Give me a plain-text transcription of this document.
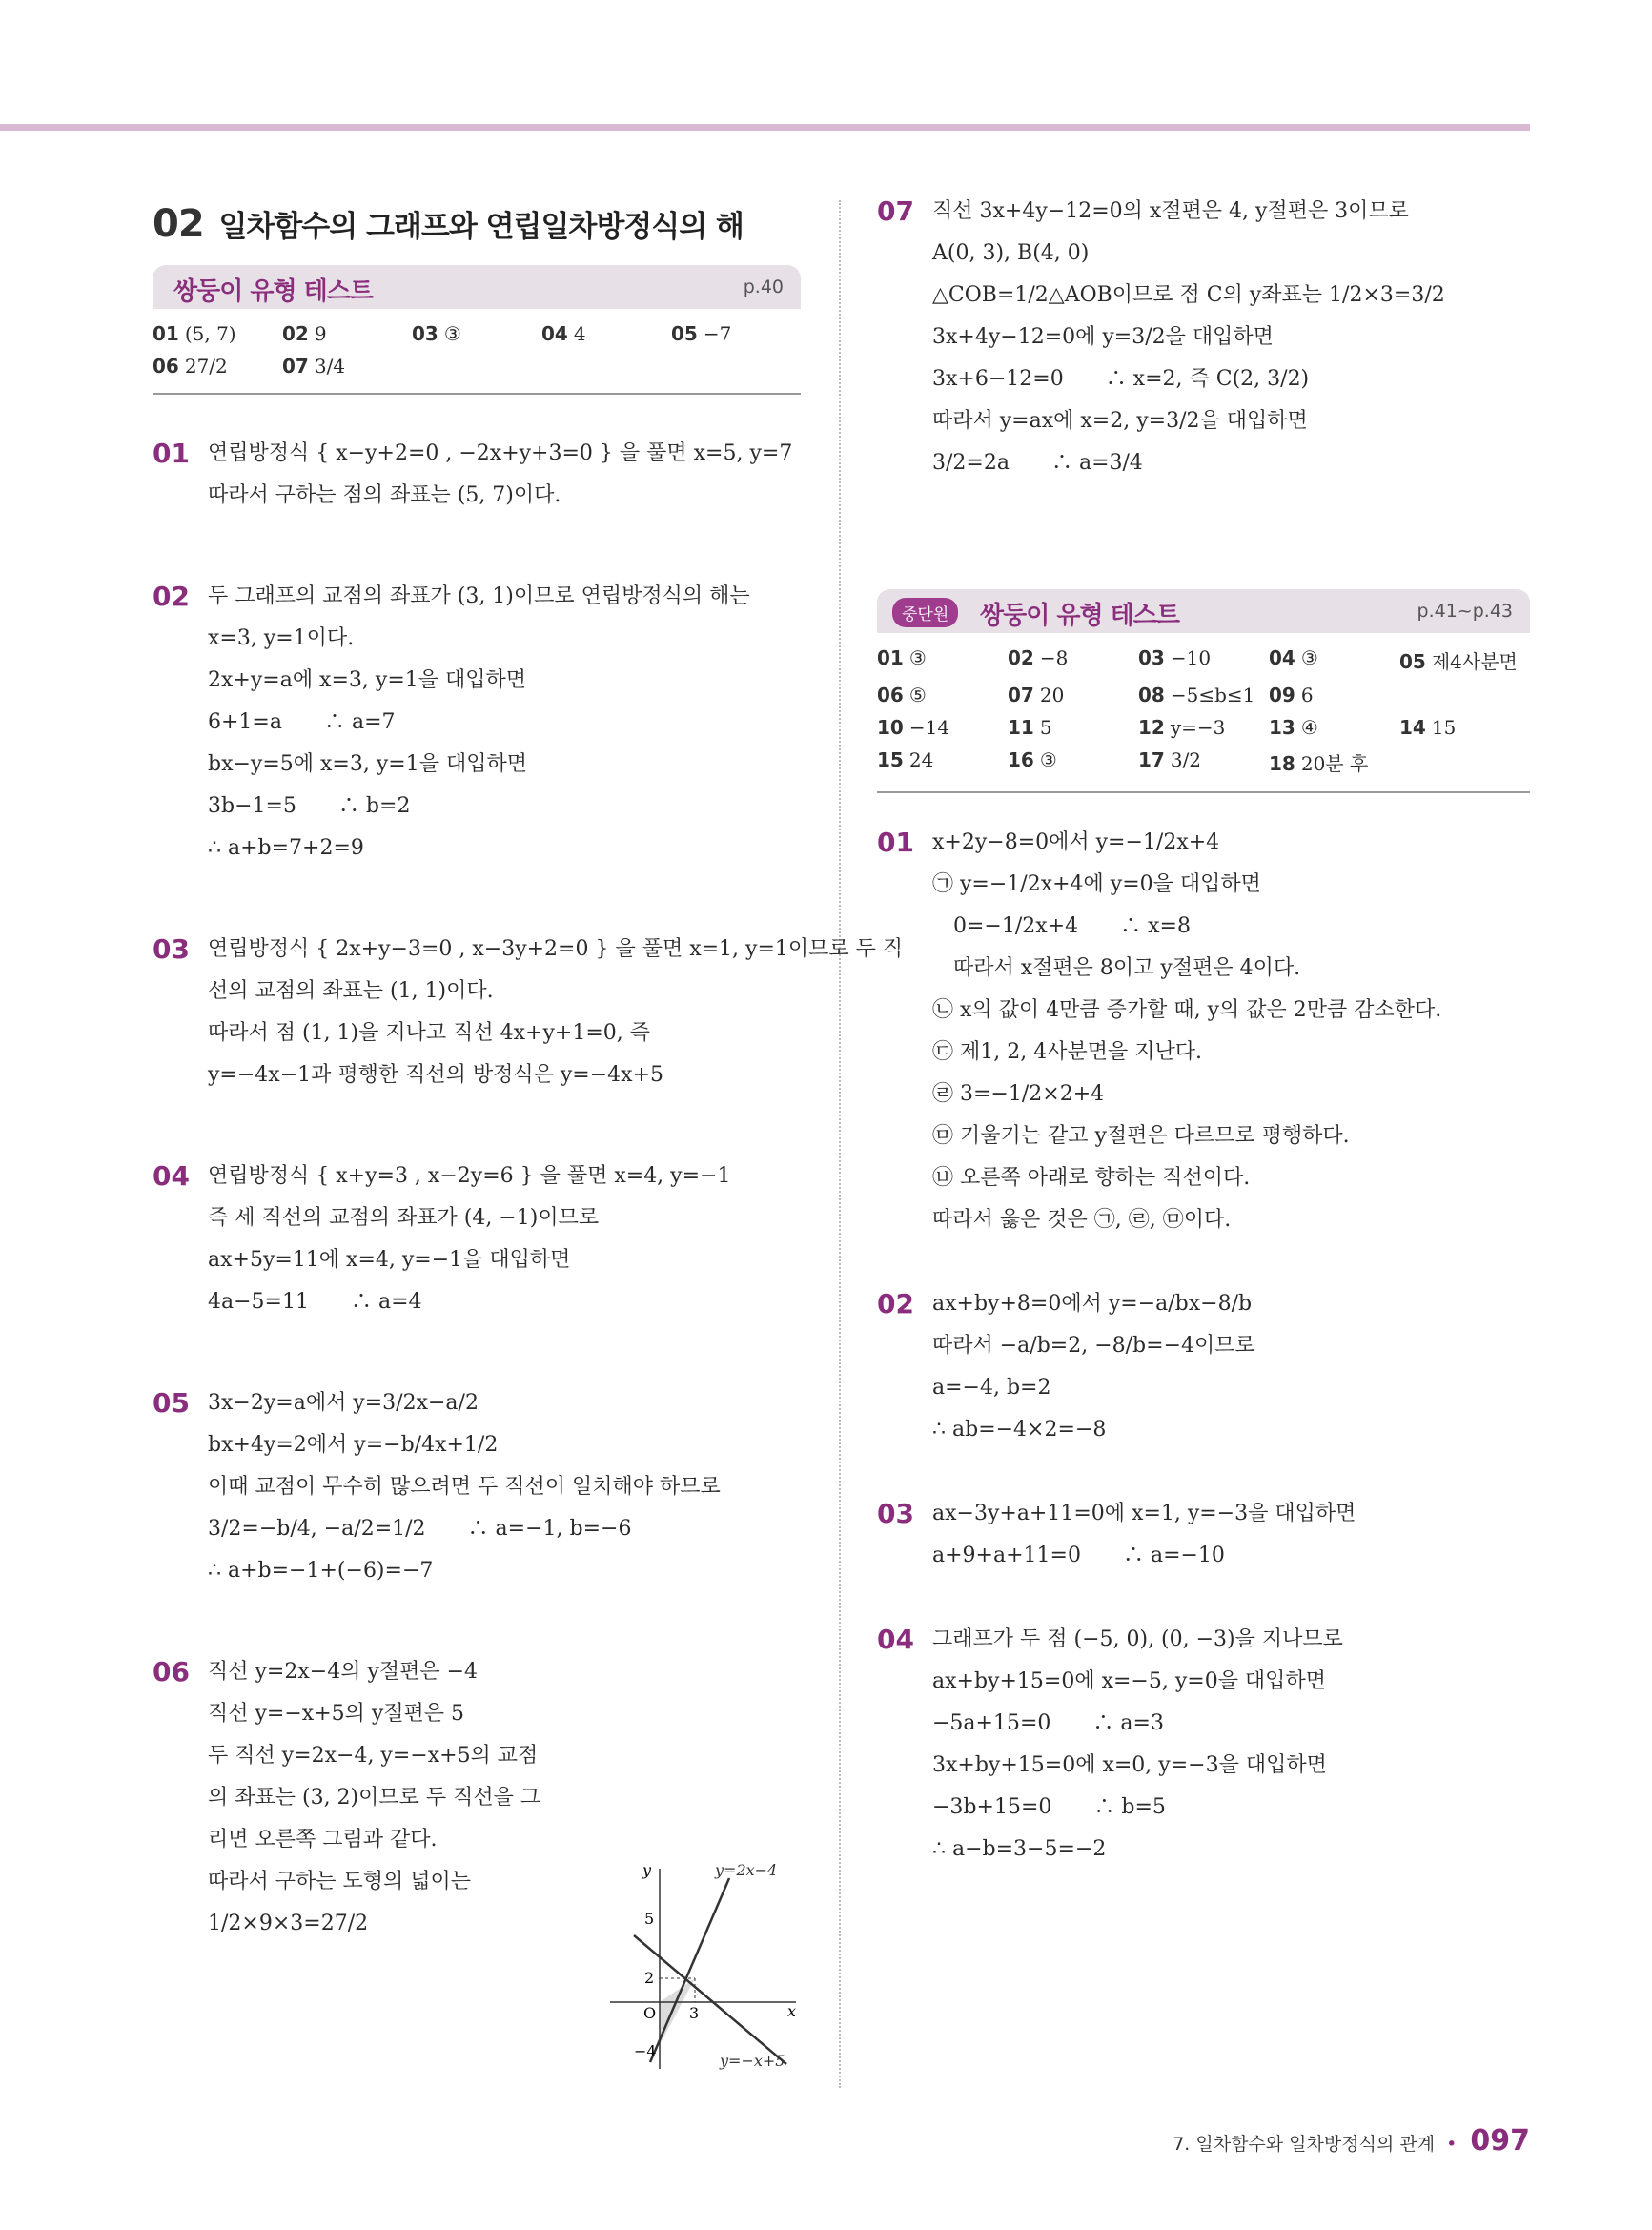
02 일차함수의 그래프와 연립일차방정식의 해
쌍둥이 유형 테스트	p.40
01 (5, 7)	02 9	03 ③	04 4	05 −7
06 27/2	07 3/4
01 연립방정식 { x−y+2=0 , −2x+y+3=0 } 을 풀면 x=5, y=7
따라서 구하는 점의 좌표는 (5, 7)이다.
02 두 그래프의 교점의 좌표가 (3, 1)이므로 연립방정식의 해는
x=3, y=1이다.
2x+y=a에 x=3, y=1을 대입하면
6+1=a　　∴ a=7
bx−y=5에 x=3, y=1을 대입하면
3b−1=5　　∴ b=2
∴ a+b=7+2=9
03 연립방정식 { 2x+y−3=0 , x−3y+2=0 } 을 풀면 x=1, y=1이므로 두 직
선의 교점의 좌표는 (1, 1)이다.
따라서 점 (1, 1)을 지나고 직선 4x+y+1=0, 즉
y=−4x−1과 평행한 직선의 방정식은 y=−4x+5
04 연립방정식 { x+y=3 , x−2y=6 } 을 풀면 x=4, y=−1
즉 세 직선의 교점의 좌표가 (4, −1)이므로
ax+5y=11에 x=4, y=−1을 대입하면
4a−5=11　　∴ a=4
05 3x−2y=a에서 y=3/2x−a/2
bx+4y=2에서 y=−b/4x+1/2
이때 교점이 무수히 많으려면 두 직선이 일치해야 하므로
3/2=−b/4, −a/2=1/2　　∴ a=−1, b=−6
∴ a+b=−1+(−6)=−7
06 직선 y=2x−4의 y절편은 −4
직선 y=−x+5의 y절편은 5
두 직선 y=2x−4, y=−x+5의 교점
의 좌표는 (3, 2)이므로 두 직선을 그
리면 오른쪽 그림과 같다.
따라서 구하는 도형의 넓이는
1/2×9×3=27/2
y=2x−4
y=−x+5
y
x
O
5
2
−4
3
07 직선 3x+4y−12=0의 x절편은 4, y절편은 3이므로
A(0, 3), B(4, 0)
△COB=1/2△AOB이므로 점 C의 y좌표는 1/2×3=3/2
3x+4y−12=0에 y=3/2을 대입하면
3x+6−12=0　　∴ x=2, 즉 C(2, 3/2)
따라서 y=ax에 x=2, y=3/2을 대입하면
3/2=2a　　∴ a=3/4
중단원	쌍둥이 유형 테스트	p.41~p.43
01 ③	02 −8	03 −10	04 ③	05 제4사분면
06 ⑤	07 20	08 −5≤b≤1 09 6
10 −14	11 5	12 y=−3	13 ④	14 15
15 24	16 ③	17 3/2	18 20분 후
01 x+2y−8=0에서 y=−1/2x+4
㉠ y=−1/2x+4에 y=0을 대입하면
　0=−1/2x+4　　∴ x=8
　따라서 x절편은 8이고 y절편은 4이다.
㉡ x의 값이 4만큼 증가할 때, y의 값은 2만큼 감소한다.
㉢ 제1, 2, 4사분면을 지난다.
㉣ 3=−1/2×2+4
㉤ 기울기는 같고 y절편은 다르므로 평행하다.
㉥ 오른쪽 아래로 향하는 직선이다.
따라서 옳은 것은 ㉠, ㉣, ㉤이다.
02 ax+by+8=0에서 y=−a/bx−8/b
따라서 −a/b=2, −8/b=−4이므로
a=−4, b=2
∴ ab=−4×2=−8
03 ax−3y+a+11=0에 x=1, y=−3을 대입하면
a+9+a+11=0　　∴ a=−10
04 그래프가 두 점 (−5, 0), (0, −3)을 지나므로
ax+by+15=0에 x=−5, y=0을 대입하면
−5a+15=0　　∴ a=3
3x+by+15=0에 x=0, y=−3을 대입하면
−3b+15=0　　∴ b=5
∴ a−b=3−5=−2
7. 일차함수와 일차방정식의 관계 • 097
